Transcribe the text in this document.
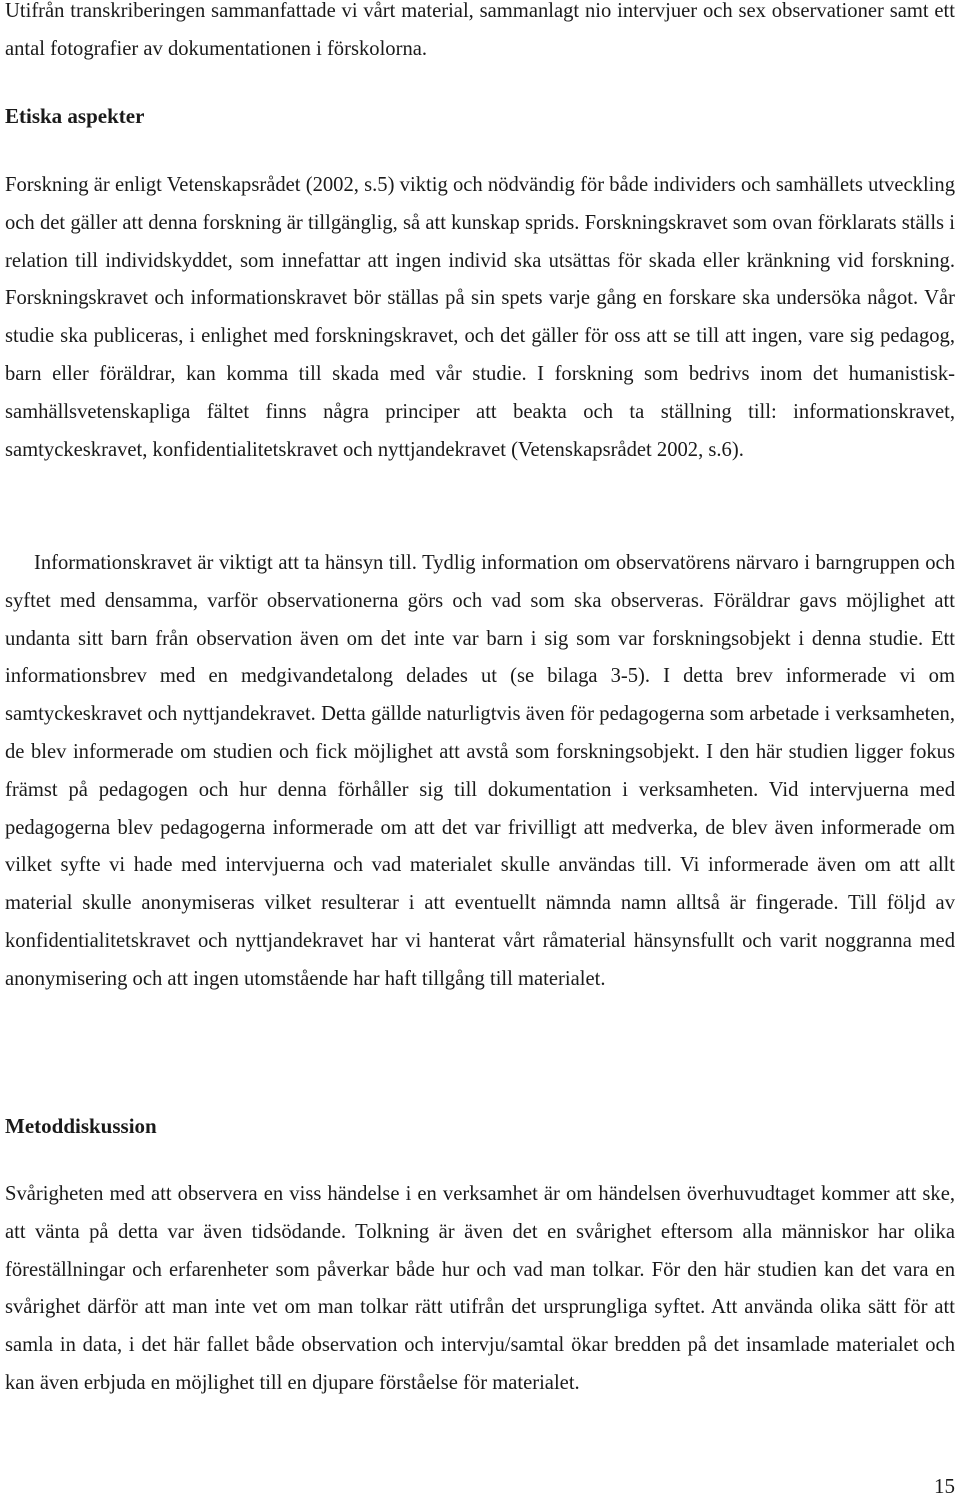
Utifrån transkriberingen sammanfattade vi vårt material, sammanlagt nio intervjuer och sex observationer samt ett antal fotografier av dokumentationen i förskolorna.

Etiska aspekter

Forskning är enligt Vetenskapsrådet (2002, s.5) viktig och nödvändig för både individers och samhällets utveckling och det gäller att denna forskning är tillgänglig, så att kunskap sprids. Forskningskravet som ovan förklarats ställs i relation till individskyddet, som innefattar att ingen individ ska utsättas för skada eller kränkning vid forskning. Forskningskravet och informationskravet bör ställas på sin spets varje gång en forskare ska undersöka något. Vår studie ska publiceras, i enlighet med forskningskravet, och det gäller för oss att se till att ingen, vare sig pedagog, barn eller föräldrar, kan komma till skada med vår studie. I forskning som bedrivs inom det humanistisk-samhällsvetenskapliga fältet finns några principer att beakta och ta ställning till: informationskravet, samtyckeskravet, konfidentialitetskravet och nyttjandekravet (Vetenskapsrådet 2002, s.6).

Informationskravet är viktigt att ta hänsyn till. Tydlig information om observatörens närvaro i barngruppen och syftet med densamma, varför observationerna görs och vad som ska observeras. Föräldrar gavs möjlighet att undanta sitt barn från observation även om det inte var barn i sig som var forskningsobjekt i denna studie. Ett informationsbrev med en medgivandetalong delades ut (se bilaga 3-5). I detta brev informerade vi om samtyckeskravet och nyttjandekravet. Detta gällde naturligtvis även för pedagogerna som arbetade i verksamheten, de blev informerade om studien och fick möjlighet att avstå som forskningsobjekt. I den här studien ligger fokus främst på pedagogen och hur denna förhåller sig till dokumentation i verksamheten. Vid intervjuerna med pedagogerna blev pedagogerna informerade om att det var frivilligt att medverka, de blev även informerade om vilket syfte vi hade med intervjuerna och vad materialet skulle användas till. Vi informerade även om att allt material skulle anonymiseras vilket resulterar i att eventuellt nämnda namn alltså är fingerade. Till följd av konfidentialitetskravet och nyttjandekravet har vi hanterat vårt råmaterial hänsynsfullt och varit noggranna med anonymisering och att ingen utomstående har haft tillgång till materialet.

Metoddiskussion

Svårigheten med att observera en viss händelse i en verksamhet är om händelsen överhuvudtaget kommer att ske, att vänta på detta var även tidsödande. Tolkning är även det en svårighet eftersom alla människor har olika föreställningar och erfarenheter som påverkar både hur och vad man tolkar. För den här studien kan det vara en svårighet därför att man inte vet om man tolkar rätt utifrån det ursprungliga syftet. Att använda olika sätt för att samla in data, i det här fallet både observation och intervju/samtal ökar bredden på det insamlade materialet och kan även erbjuda en möjlighet till en djupare förståelse för materialet.

15
